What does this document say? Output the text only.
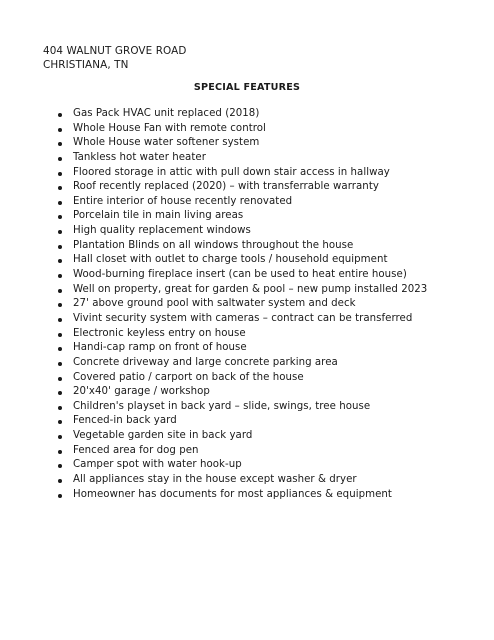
404 WALNUT GROVE ROAD
CHRISTIANA, TN
SPECIAL FEATURES
Gas Pack HVAC unit replaced (2018)
Whole House Fan with remote control
Whole House water softener system
Tankless hot water heater
Floored storage in attic with pull down stair access in hallway
Roof recently replaced (2020) – with transferrable warranty
Entire interior of house recently renovated
Porcelain tile in main living areas
High quality replacement windows
Plantation Blinds on all windows throughout the house
Hall closet with outlet to charge tools / household equipment
Wood-burning fireplace insert (can be used to heat entire house)
Well on property, great for garden & pool – new pump installed 2023
27' above ground pool with saltwater system and deck
Vivint security system with cameras – contract can be transferred
Electronic keyless entry on house
Handi-cap ramp on front of house
Concrete driveway and large concrete parking area
Covered patio / carport on back of the house
20'x40' garage / workshop
Children's playset in back yard – slide, swings, tree house
Fenced-in back yard
Vegetable garden site in back yard
Fenced area for dog pen
Camper spot with water hook-up
All appliances stay in the house except washer & dryer
Homeowner has documents for most appliances & equipment
